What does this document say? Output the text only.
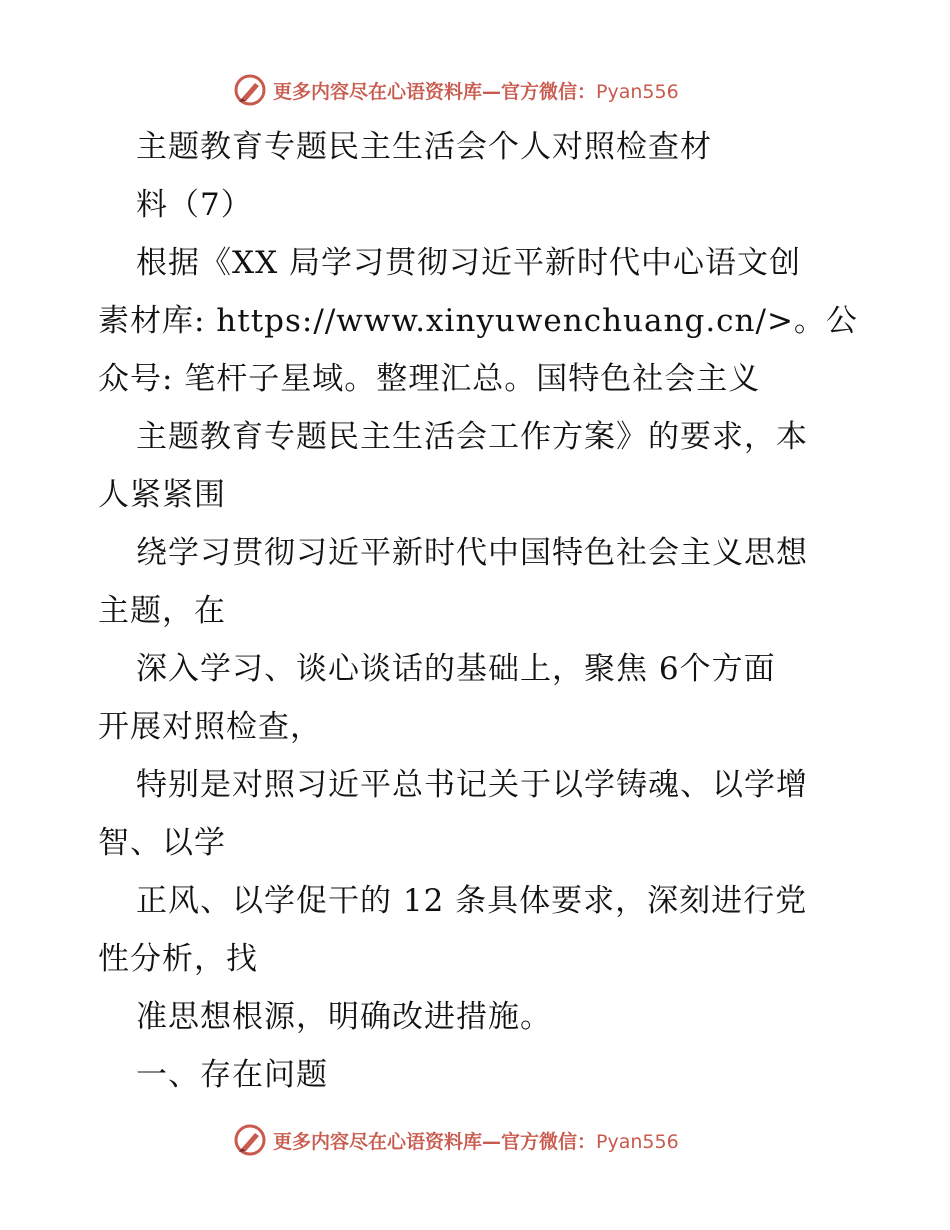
更多内容尽在心语资料库—官方微信：Pyan556
主题教育专题民主生活会个人对照检查材
料（7）
根据《XX 局学习贯彻习近平新时代中心语文创
素材库: https://www.xinyuwenchuang.cn/>。公
众号: 笔杆子星域。整理汇总。国特色社会主义
主题教育专题民主生活会工作方案》的要求，本
人紧紧围
绕学习贯彻习近平新时代中国特色社会主义思想
主题，在
深入学习、谈心谈话的基础上，聚焦 6个方面
开展对照检查，
特别是对照习近平总书记关于以学铸魂、以学增
智、以学
正风、以学促干的 12 条具体要求，深刻进行党
性分析，找
准思想根源，明确改进措施。
一、存在问题
更多内容尽在心语资料库—官方微信：Pyan556
